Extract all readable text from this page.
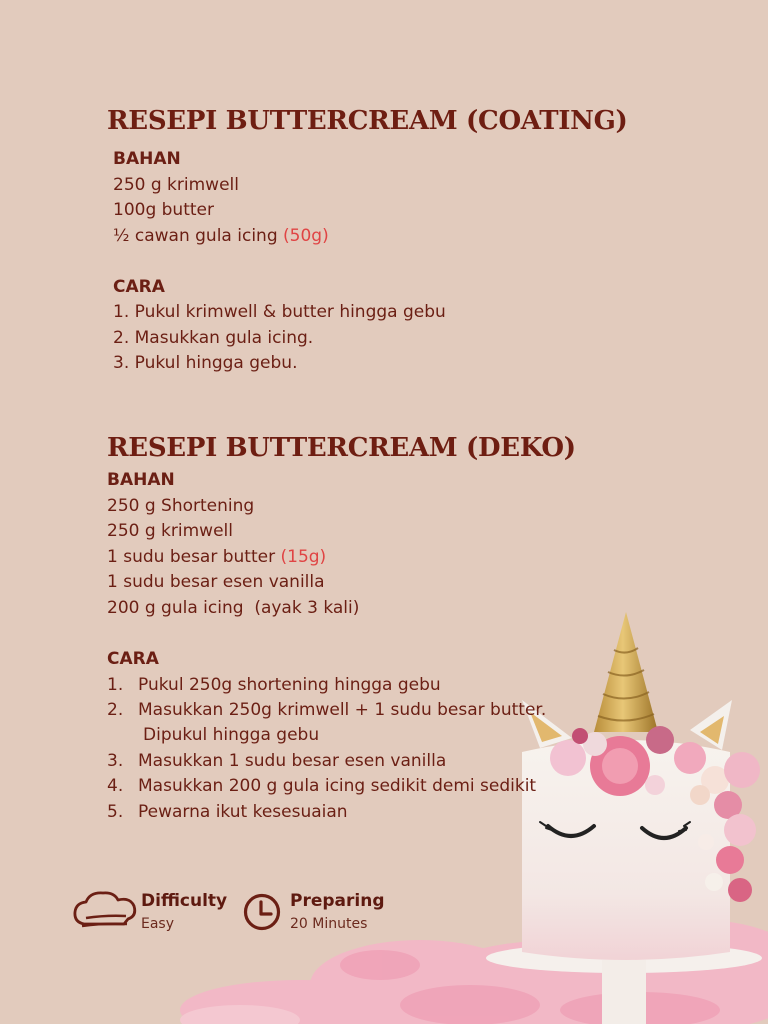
RESEPI BUTTERCREAM (COATING)
BAHAN
250 g krimwell
100g butter
½ cawan gula icing (50g)
CARA
1. Pukul krimwell & butter hingga gebu
2. Masukkan gula icing.
3. Pukul hingga gebu.
RESEPI BUTTERCREAM (DEKO)
BAHAN
250 g Shortening
250 g krimwell
1 sudu besar butter (15g)
1 sudu besar esen vanilla
200 g gula icing  (ayak 3 kali)
CARA
1. Pukul 250g shortening hingga gebu
2. Masukkan 250g krimwell + 1 sudu besar butter.
Dipukul hingga gebu
3. Masukkan 1 sudu besar esen vanilla
4. Masukkan 200 g gula icing sedikit demi sedikit
5. Pewarna ikut kesesuaian
Difficulty
Easy
Preparing
20 Minutes
